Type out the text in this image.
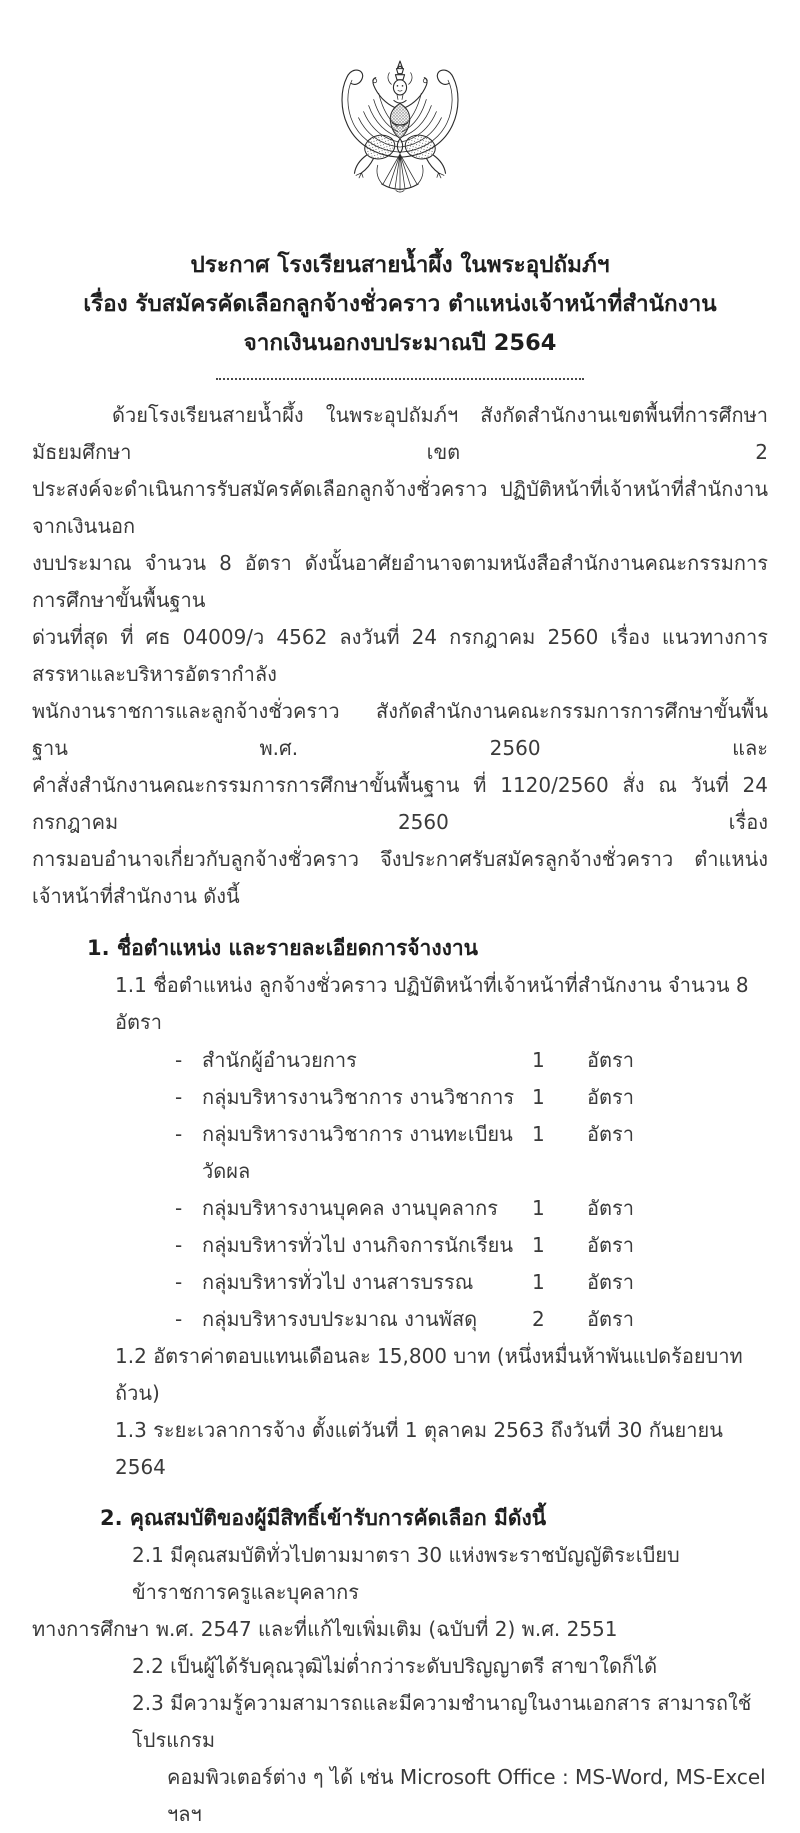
ประกาศ โรงเรียนสายน้ำผึ้ง ในพระอุปถัมภ์ฯ
เรื่อง รับสมัครคัดเลือกลูกจ้างชั่วคราว ตำแหน่งเจ้าหน้าที่สำนักงาน
จากเงินนอกงบประมาณปี 2564
ด้วยโรงเรียนสายน้ำผึ้ง ในพระอุปถัมภ์ฯ สังกัดสำนักงานเขตพื้นที่การศึกษามัธยมศึกษา เขต 2
ประสงค์จะดำเนินการรับสมัครคัดเลือกลูกจ้างชั่วคราว ปฏิบัติหน้าที่เจ้าหน้าที่สำนักงาน จากเงินนอก
งบประมาณ จำนวน 8 อัตรา ดังนั้นอาศัยอำนาจตามหนังสือสำนักงานคณะกรรมการการศึกษาขั้นพื้นฐาน
ด่วนที่สุด ที่ ศธ 04009/ว 4562 ลงวันที่ 24 กรกฎาคม 2560 เรื่อง แนวทางการสรรหาและบริหารอัตรากำลัง
พนักงานราชการและลูกจ้างชั่วคราว สังกัดสำนักงานคณะกรรมการการศึกษาขั้นพื้นฐาน พ.ศ. 2560 และ
คำสั่งสำนักงานคณะกรรมการการศึกษาขั้นพื้นฐาน ที่ 1120/2560 สั่ง ณ วันที่ 24 กรกฎาคม 2560 เรื่อง
การมอบอำนาจเกี่ยวกับลูกจ้างชั่วคราว จึงประกาศรับสมัครลูกจ้างชั่วคราว ตำแหน่งเจ้าหน้าที่สำนักงาน ดังนี้
1. ชื่อตำแหน่ง และรายละเอียดการจ้างงาน
1.1 ชื่อตำแหน่ง ลูกจ้างชั่วคราว ปฏิบัติหน้าที่เจ้าหน้าที่สำนักงาน จำนวน 8 อัตรา
- สำนักผู้อำนวยการ	1	อัตรา
- กลุ่มบริหารงานวิชาการ งานวิชาการ 1	อัตรา
- กลุ่มบริหารงานวิชาการ งานทะเบียนวัดผล
1	อัตรา
- กลุ่มบริหารงานบุคคล งานบุคลากร	1	อัตรา
- กลุ่มบริหารทั่วไป งานกิจการนักเรียน 1	อัตรา
- กลุ่มบริหารทั่วไป งานสารบรรณ	1	อัตรา
- กลุ่มบริหารงบประมาณ งานพัสดุ	2	อัตรา
1.2 อัตราค่าตอบแทนเดือนละ 15,800 บาท (หนึ่งหมื่นห้าพันแปดร้อยบาทถ้วน)
1.3 ระยะเวลาการจ้าง ตั้งแต่วันที่ 1 ตุลาคม 2563 ถึงวันที่ 30 กันยายน 2564
2. คุณสมบัติของผู้มีสิทธิ์เข้ารับการคัดเลือก มีดังนี้
2.1 มีคุณสมบัติทั่วไปตามมาตรา 30 แห่งพระราชบัญญัติระเบียบข้าราชการครูและบุคลากร
ทางการศึกษา พ.ศ. 2547 และที่แก้ไขเพิ่มเติม (ฉบับที่ 2) พ.ศ. 2551
2.2 เป็นผู้ได้รับคุณวุฒิไม่ต่ำกว่าระดับปริญญาตรี สาขาใดก็ได้
2.3 มีความรู้ความสามารถและมีความชำนาญในงานเอกสาร สามารถใช้โปรแกรม
คอมพิวเตอร์ต่าง ๆ ได้ เช่น Microsoft Office : MS-Word, MS-Excel ฯลฯ
